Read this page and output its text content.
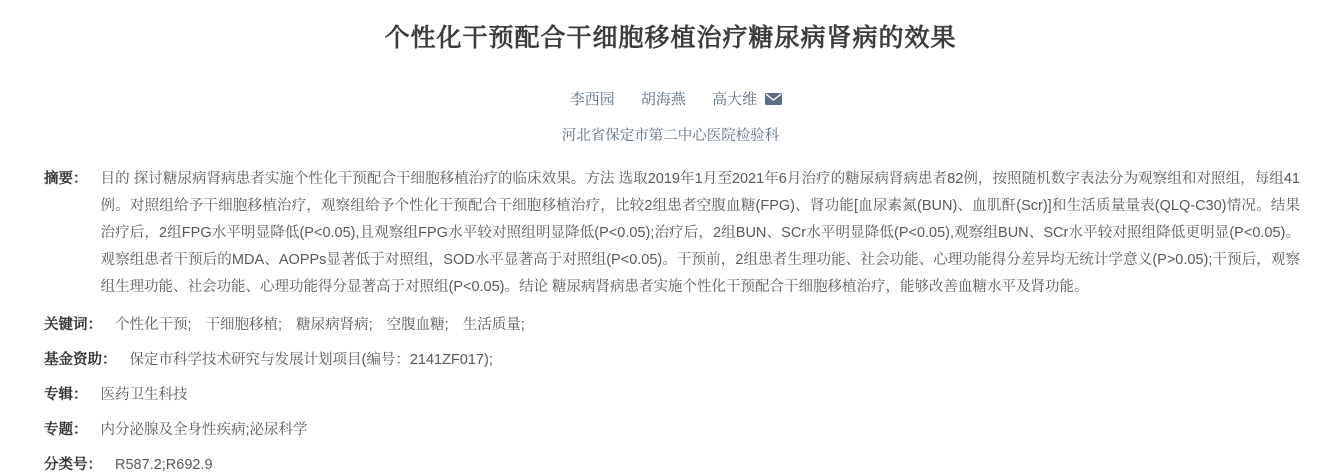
个性化干预配合干细胞移植治疗糖尿病肾病的效果
李西园 胡海燕 高大维
河北省保定市第二中心医院检验科
摘要： 目的 探讨糖尿病肾病患者实施个性化干预配合干细胞移植治疗的临床效果。方法 选取2019年1月至2021年6月治疗的糖尿病肾病患者82例，按照随机数字表法分为观察组和对照组，每组41例。对照组给予干细胞移植治疗，观察组给予个性化干预配合干细胞移植治疗，比较2组患者空腹血糖(FPG)、肾功能[血尿素氮(BUN)、血肌酐(Scr)]和生活质量量表(QLQ-C30)情况。结果 治疗后，2组FPG水平明显降低(P<0.05),且观察组FPG水平较对照组明显降低(P<0.05);治疗后，2组BUN、SCr水平明显降低(P<0.05),观察组BUN、SCr水平较对照组降低更明显(P<0.05)。观察组患者干预后的MDA、AOPPs显著低于对照组，SOD水平显著高于对照组(P<0.05)。干预前，2组患者生理功能、社会功能、心理功能得分差异均无统计学意义(P>0.05);干预后，观察组生理功能、社会功能、心理功能得分显著高于对照组(P<0.05)。结论 糖尿病肾病患者实施个性化干预配合干细胞移植治疗，能够改善血糖水平及肾功能。
关键词： 个性化干预; 干细胞移植; 糖尿病肾病; 空腹血糖; 生活质量;
基金资助： 保定市科学技术研究与发展计划项目(编号：2141ZF017);
专辑： 医药卫生科技
专题： 内分泌腺及全身性疾病;泌尿科学
分类号： R587.2;R692.9
